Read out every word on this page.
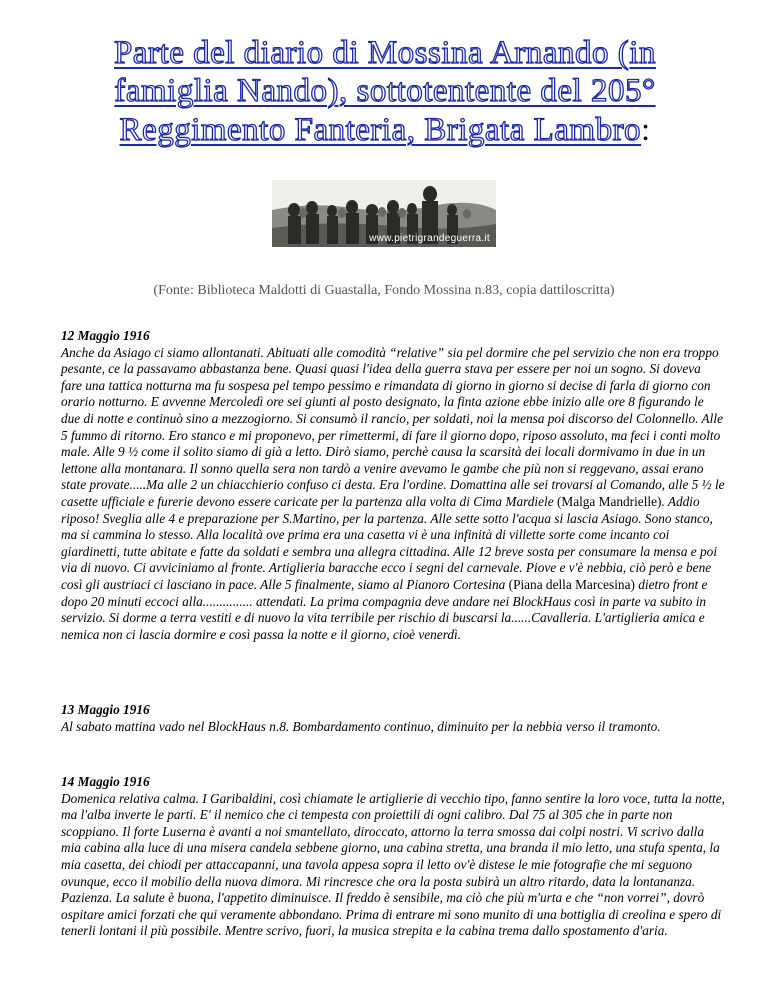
Parte del diario di Mossina Arnando (in
famiglia Nando), sottotentente del 205°
Reggimento Fanteria, Brigata Lambro:
www.pietrigrandeguerra.it
(Fonte: Biblioteca Maldotti di Guastalla, Fondo Mossina n.83, copia dattiloscritta)
12 Maggio 1916
Anche da Asiago ci siamo allontanati. Abituati alle comodità “relative” sia pel dormire che pel servizio che non era troppo pesante, ce la passavamo abbastanza bene. Quasi quasi l'idea della guerra stava per essere per noi un sogno. Si doveva fare una tattica notturna ma fu sospesa pel tempo pessimo e rimandata di giorno in giorno si decise di farla di giorno con orario notturno. E avvenne Mercoledì ore sei giunti al posto designato, la finta azione ebbe inizio alle ore 8 figurando le due di notte e continuò sino a mezzogiorno. Si consumò il rancio, per soldati, noi la mensa poi discorso del Colonnello. Alle 5 fummo di ritorno. Ero stanco e mi proponevo, per rimettermi, di fare il giorno dopo, riposo assoluto, ma feci i conti molto male. Alle 9 ½ come il solito siamo di già a letto. Dirò siamo, perchè causa la scarsità dei locali dormivamo in due in un lettone alla montanara. Il sonno quella sera non tardò a venire avevamo le gambe che più non si reggevano, assai erano state provate.....Ma alle 2 un chiacchierio confuso ci desta. Era l'ordine. Domattina alle sei trovarsi al Comando, alle 5 ½ le casette ufficiale e furerie devono essere caricate per la partenza alla volta di Cima Mardiele (Malga Mandrielle). Addio riposo! Sveglia alle 4 e preparazione per S.Martino, per la partenza. Alle sette sotto l'acqua si lascia Asiago. Sono stanco, ma si cammina lo stesso. Alla località ove prima era una casetta vi è una infinità di villette sorte come incanto coi giardinetti, tutte abitate e fatte da soldati e sembra una allegra cittadina. Alle 12 breve sosta per consumare la mensa e poi via di nuovo. Ci avviciniamo al fronte. Artiglieria baracche ecco i segni del carnevale. Piove e v'è nebbia, ciò però e bene così gli austriaci ci lasciano in pace. Alle 5 finalmente, siamo al Pianoro Cortesina (Piana della Marcesina) dietro front e dopo 20 minuti eccoci alla............... attendati. La prima compagnia deve andare nei BlockHaus così in parte va subito in servizio. Si dorme a terra vestiti e di nuovo la vita terribile per rischio di buscarsi la......Cavalleria. L'artiglieria amica e nemica non ci lascia dormire e così passa la notte e il giorno, cioè venerdì.
13 Maggio 1916
Al sabato mattina vado nel BlockHaus n.8. Bombardamento continuo, diminuito per la nebbia verso il tramonto.
14 Maggio 1916
Domenica relativa calma. I Garibaldini, così chiamate le artiglierie di vecchio tipo, fanno sentire la loro voce, tutta la notte, ma l'alba inverte le parti. E' il nemico che ci tempesta con proiettili di ogni calibro. Dal 75 al 305 che in parte non scoppiano. Il forte Luserna è avanti a noi smantellato, diroccato, attorno la terra smossa dai colpi nostri. Vi scrivo dalla mia cabina alla luce di una misera candela sebbene giorno, una cabina stretta, una branda il mio letto, una stufa spenta, la mia casetta, dei chiodi per attaccapanni, una tavola appesa sopra il letto ov'è distese le mie fotografie che mi seguono ovunque, ecco il mobilio della nuova dimora. Mi rincresce che ora la posta subirà un altro ritardo, data la lontananza. Pazienza. La salute è buona, l'appetito diminuisce. Il freddo è sensibile, ma ciò che più m'urta e che “non vorrei”, dovrò ospitare amici forzati che qui veramente abbondano. Prima di entrare mi sono munito di una bottiglia di creolina e spero di tenerli lontani il più possibile. Mentre scrivo, fuori, la musica strepita e la cabina trema dallo spostamento d'aria.
